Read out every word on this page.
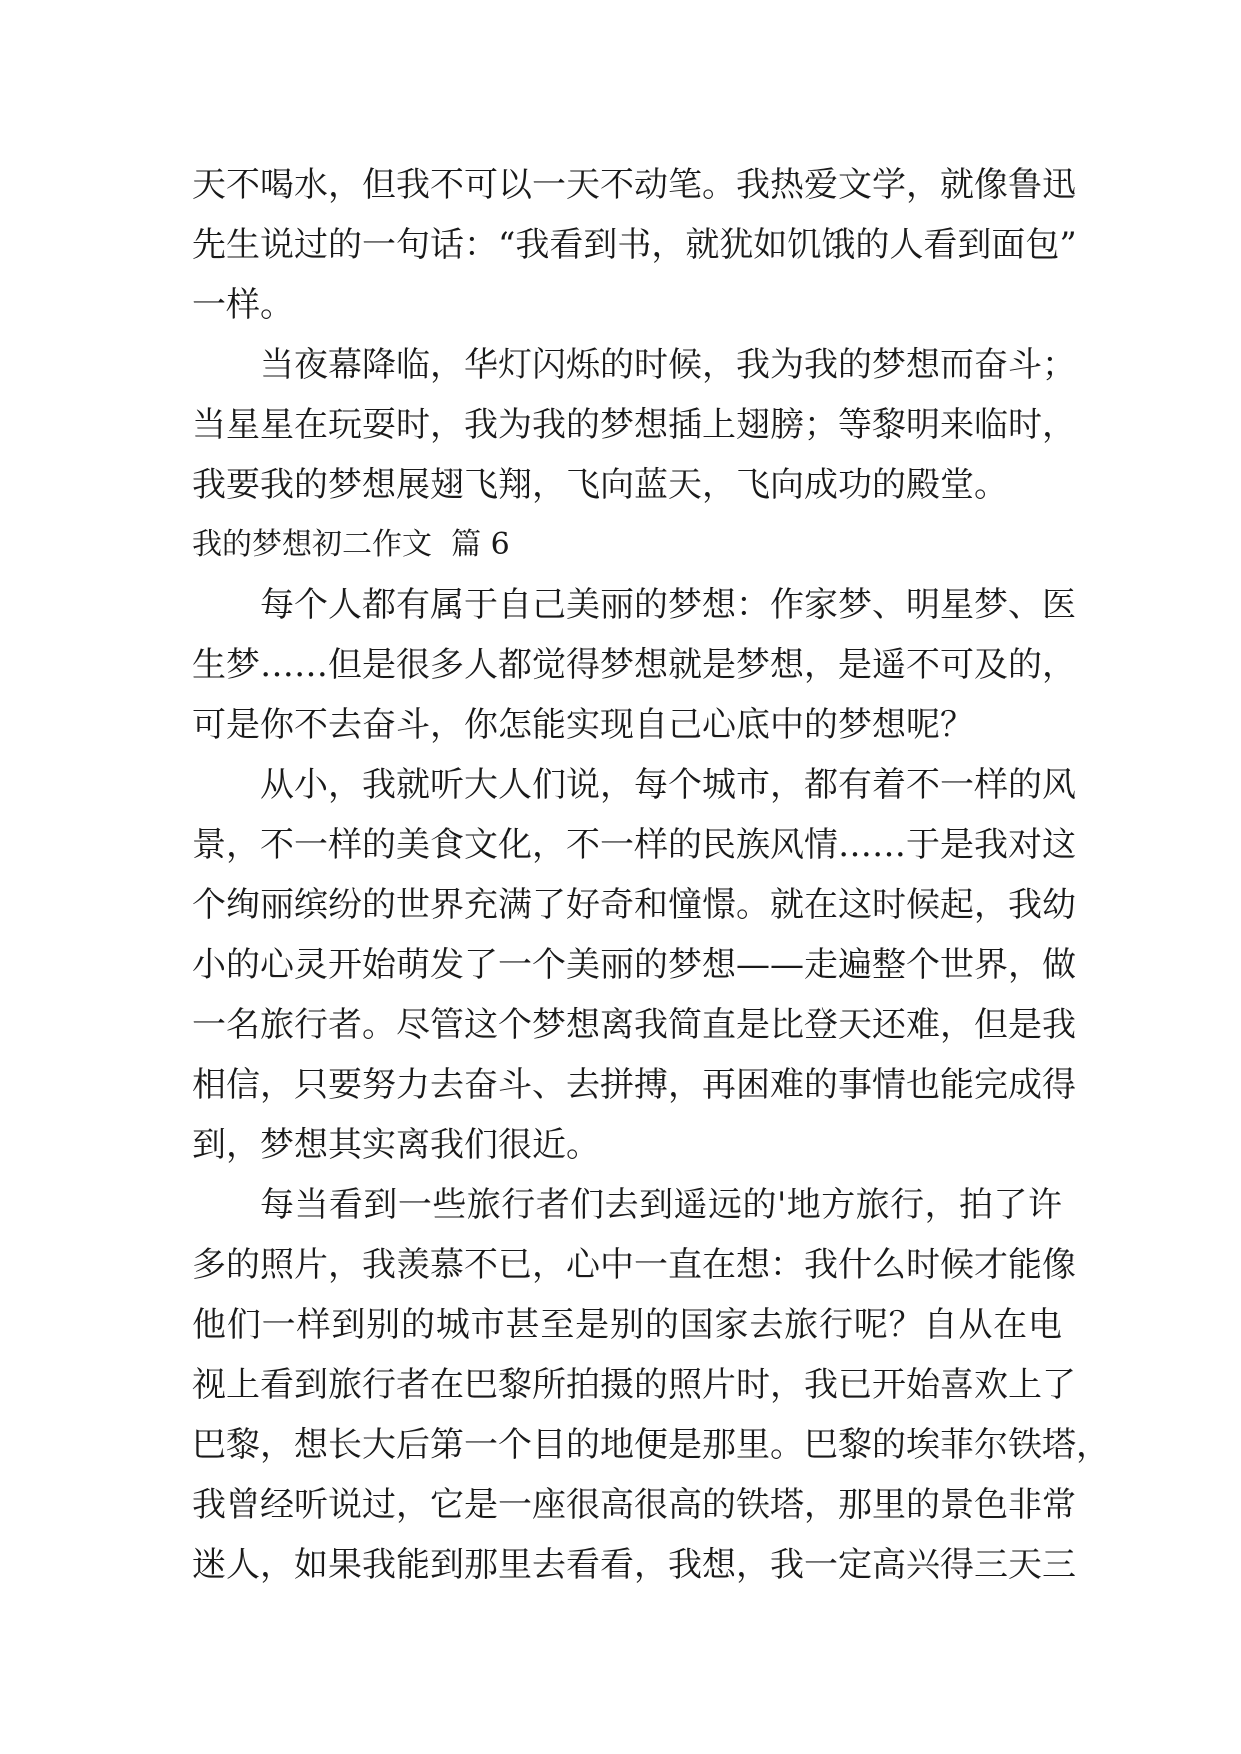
天不喝水，但我不可以一天不动笔。我热爱文学，就像鲁迅
先生说过的一句话：“我看到书，就犹如饥饿的人看到面包”
一样。
当夜幕降临，华灯闪烁的时候，我为我的梦想而奋斗；
当星星在玩耍时，我为我的梦想插上翅膀；等黎明来临时，
我要我的梦想展翅飞翔，飞向蓝天，飞向成功的殿堂。
我的梦想初二作文  篇 6
每个人都有属于自己美丽的梦想：作家梦、明星梦、医
生梦……但是很多人都觉得梦想就是梦想，是遥不可及的，
可是你不去奋斗，你怎能实现自己心底中的梦想呢？
从小，我就听大人们说，每个城市，都有着不一样的风
景，不一样的美食文化，不一样的民族风情……于是我对这
个绚丽缤纷的世界充满了好奇和憧憬。就在这时候起，我幼
小的心灵开始萌发了一个美丽的梦想——走遍整个世界，做
一名旅行者。尽管这个梦想离我简直是比登天还难，但是我
相信，只要努力去奋斗、去拼搏，再困难的事情也能完成得
到，梦想其实离我们很近。
每当看到一些旅行者们去到遥远的'地方旅行，拍了许
多的照片，我羡慕不已，心中一直在想：我什么时候才能像
他们一样到别的城市甚至是别的国家去旅行呢？自从在电
视上看到旅行者在巴黎所拍摄的照片时，我已开始喜欢上了
巴黎，想长大后第一个目的地便是那里。巴黎的埃菲尔铁塔，
我曾经听说过，它是一座很高很高的铁塔，那里的景色非常
迷人，如果我能到那里去看看，我想，我一定高兴得三天三
